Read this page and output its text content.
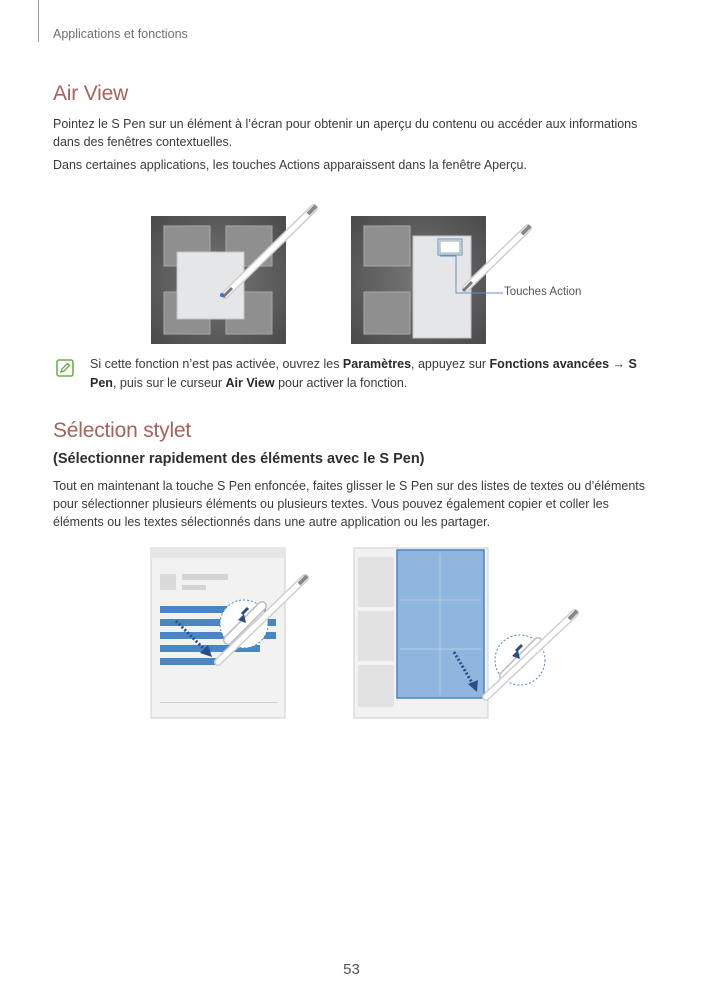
Applications et fonctions
Air View

Pointez le S Pen sur un élément à l’écran pour obtenir un aperçu du contenu ou accéder aux informations dans des fenêtres contextuelles.

Dans certaines applications, les touches Actions apparaissent dans la fenêtre Aperçu.

Touches Action

Si cette fonction n’est pas activée, ouvrez les Paramètres, appuyez sur Fonctions avancées → S Pen, puis sur le curseur Air View pour activer la fonction.

Sélection stylet
(Sélectionner rapidement des éléments avec le S Pen)

Tout en maintenant la touche S Pen enfoncée, faites glisser le S Pen sur des listes de textes ou d’éléments pour sélectionner plusieurs éléments ou plusieurs textes. Vous pouvez également copier et coller les éléments ou les textes sélectionnés dans une autre application ou les partager.

53
